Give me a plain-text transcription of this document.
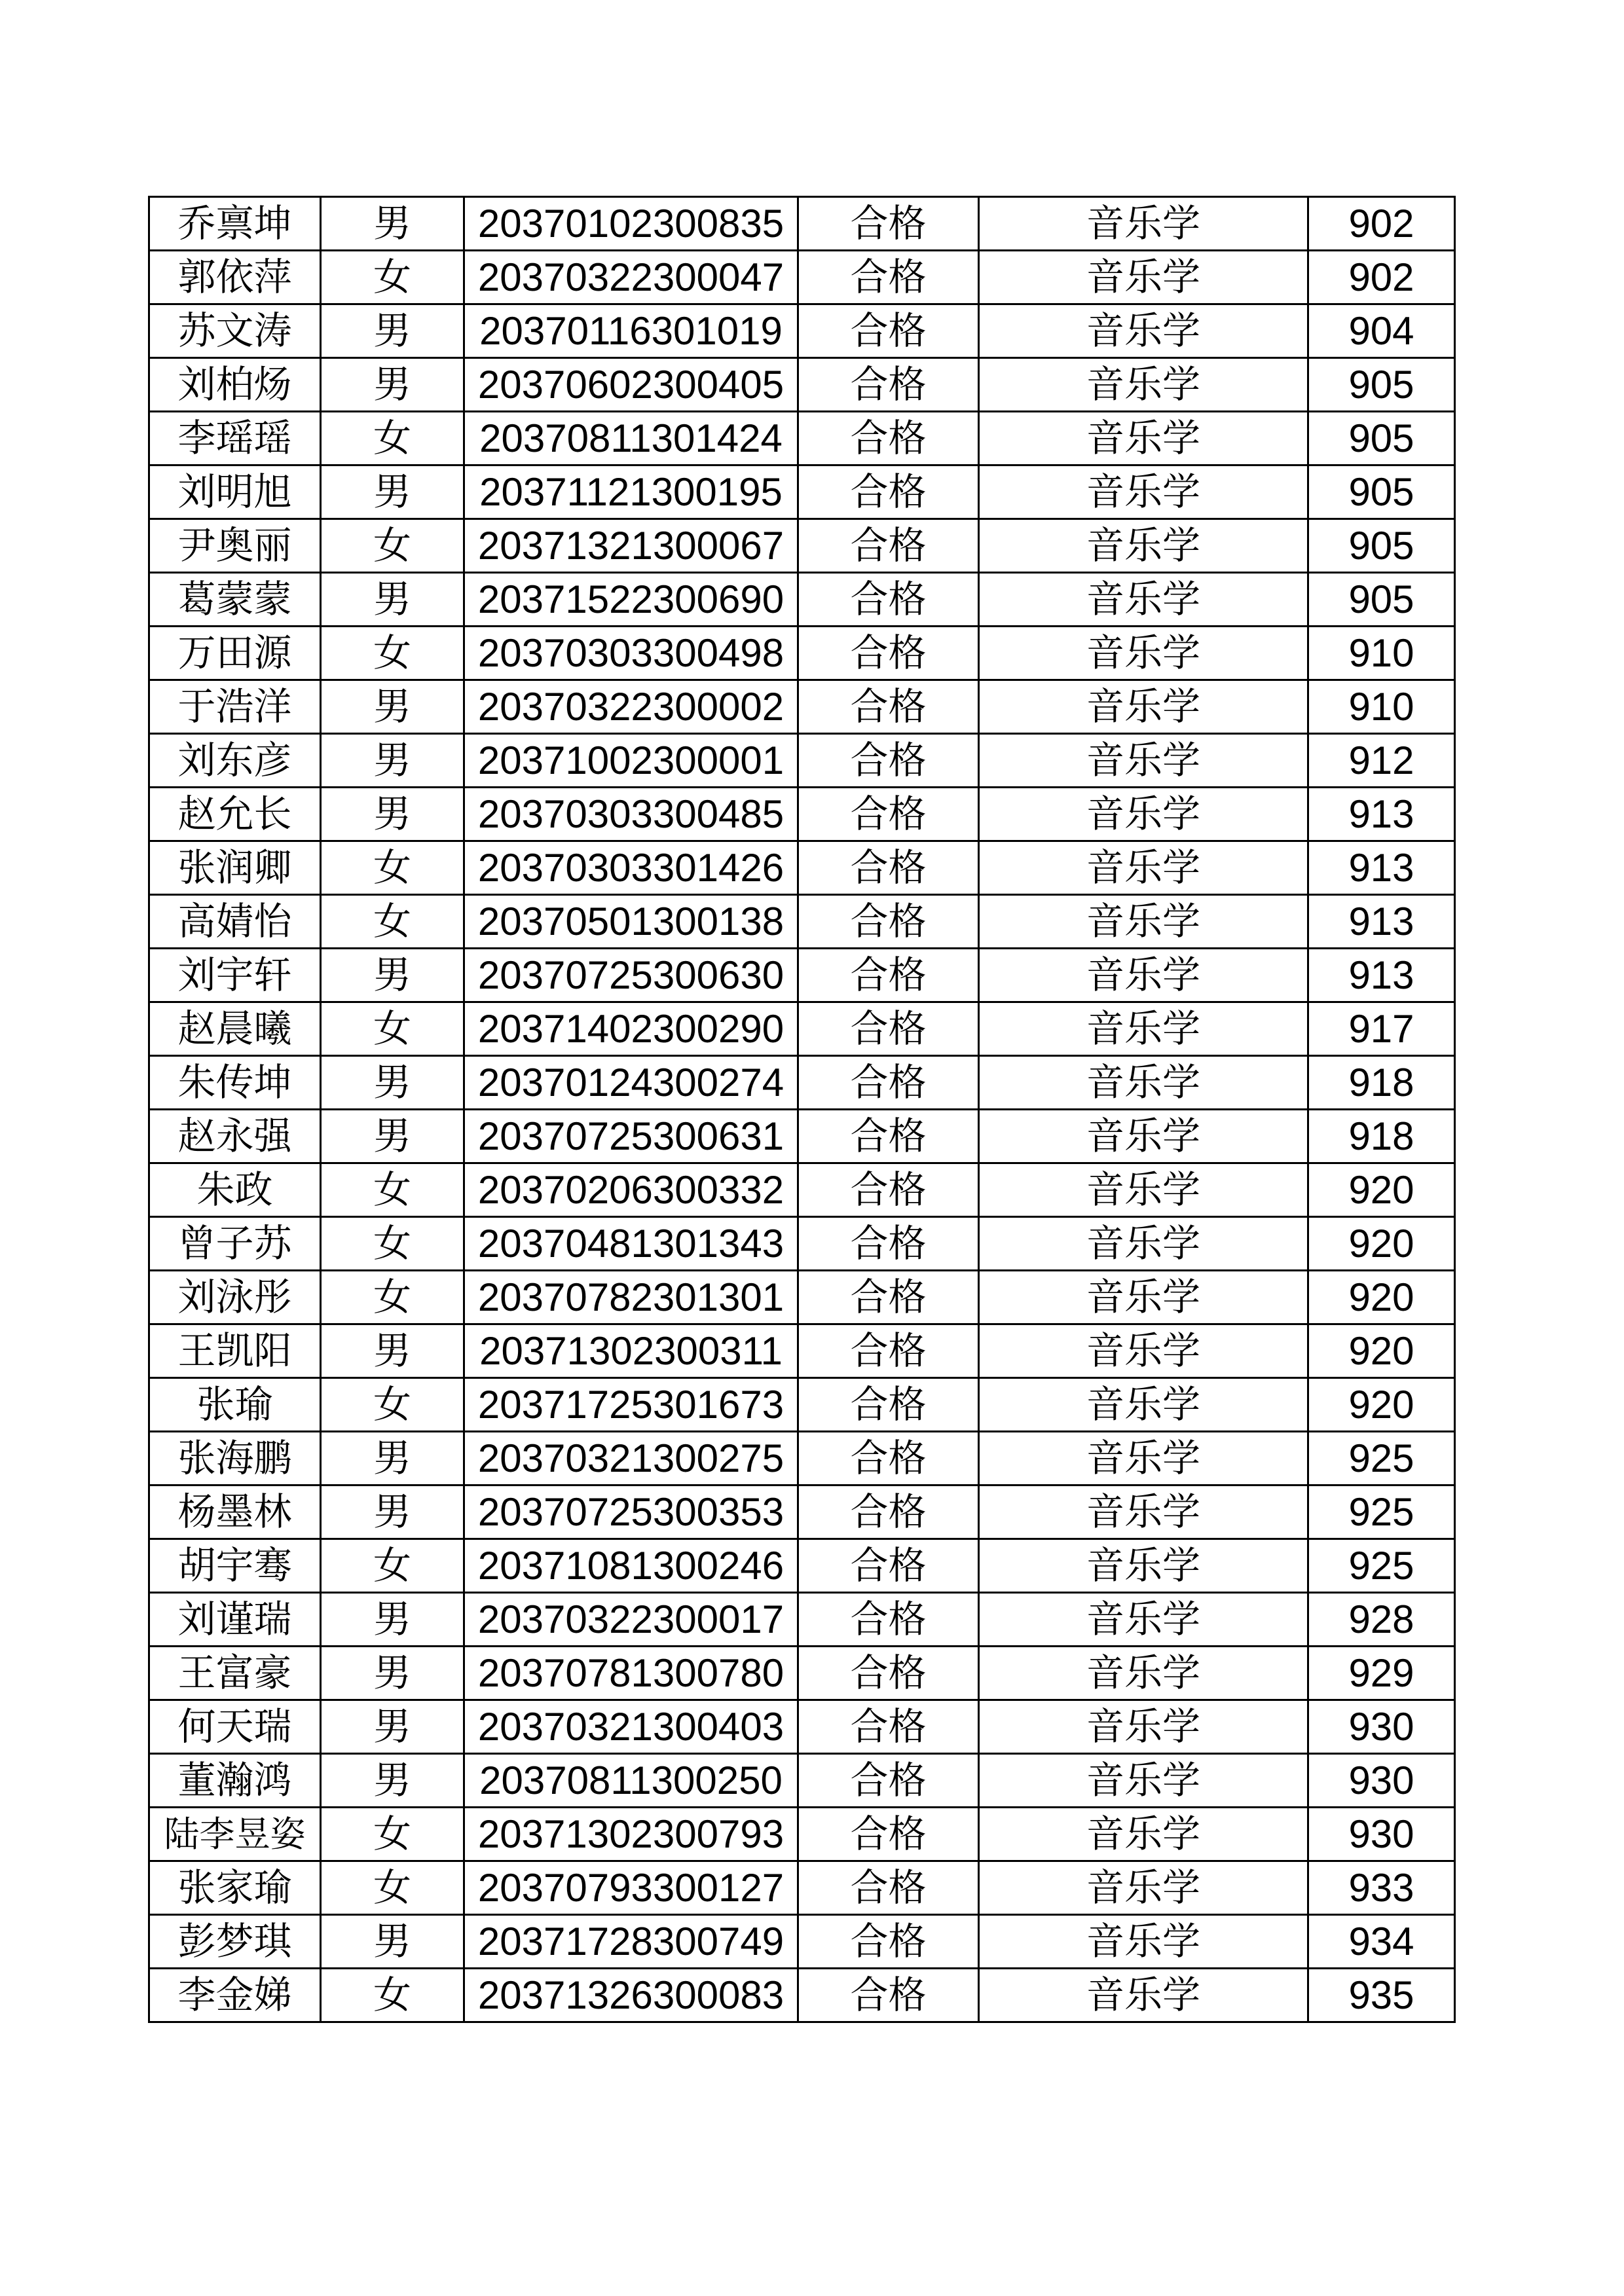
乔禀坤	男	20370102300835	合格	音乐学	902
郭依萍	女	20370322300047	合格	音乐学	902
苏文涛	男	20370116301019	合格	音乐学	904
刘柏炀	男	20370602300405	合格	音乐学	905
李瑶瑶	女	20370811301424	合格	音乐学	905
刘明旭	男	20371121300195	合格	音乐学	905
尹奥丽	女	20371321300067	合格	音乐学	905
葛蒙蒙	男	20371522300690	合格	音乐学	905
万田源	女	20370303300498	合格	音乐学	910
于浩洋	男	20370322300002	合格	音乐学	910
刘东彦	男	20371002300001	合格	音乐学	912
赵允长	男	20370303300485	合格	音乐学	913
张润卿	女	20370303301426	合格	音乐学	913
高婧怡	女	20370501300138	合格	音乐学	913
刘宇轩	男	20370725300630	合格	音乐学	913
赵晨曦	女	20371402300290	合格	音乐学	917
朱传坤	男	20370124300274	合格	音乐学	918
赵永强	男	20370725300631	合格	音乐学	918
朱政	女	20370206300332	合格	音乐学	920
曾子苏	女	20370481301343	合格	音乐学	920
刘泳彤	女	20370782301301	合格	音乐学	920
王凯阳	男	20371302300311	合格	音乐学	920
张瑜	女	20371725301673	合格	音乐学	920
张海鹏	男	20370321300275	合格	音乐学	925
杨墨林	男	20370725300353	合格	音乐学	925
胡宇骞	女	20371081300246	合格	音乐学	925
刘谨瑞	男	20370322300017	合格	音乐学	928
王富豪	男	20370781300780	合格	音乐学	929
何天瑞	男	20370321300403	合格	音乐学	930
董瀚鸿	男	20370811300250	合格	音乐学	930
陆李昱姿	女	20371302300793	合格	音乐学	930
张家瑜	女	20370793300127	合格	音乐学	933
彭梦琪	男	20371728300749	合格	音乐学	934
李金娣	女	20371326300083	合格	音乐学	935
